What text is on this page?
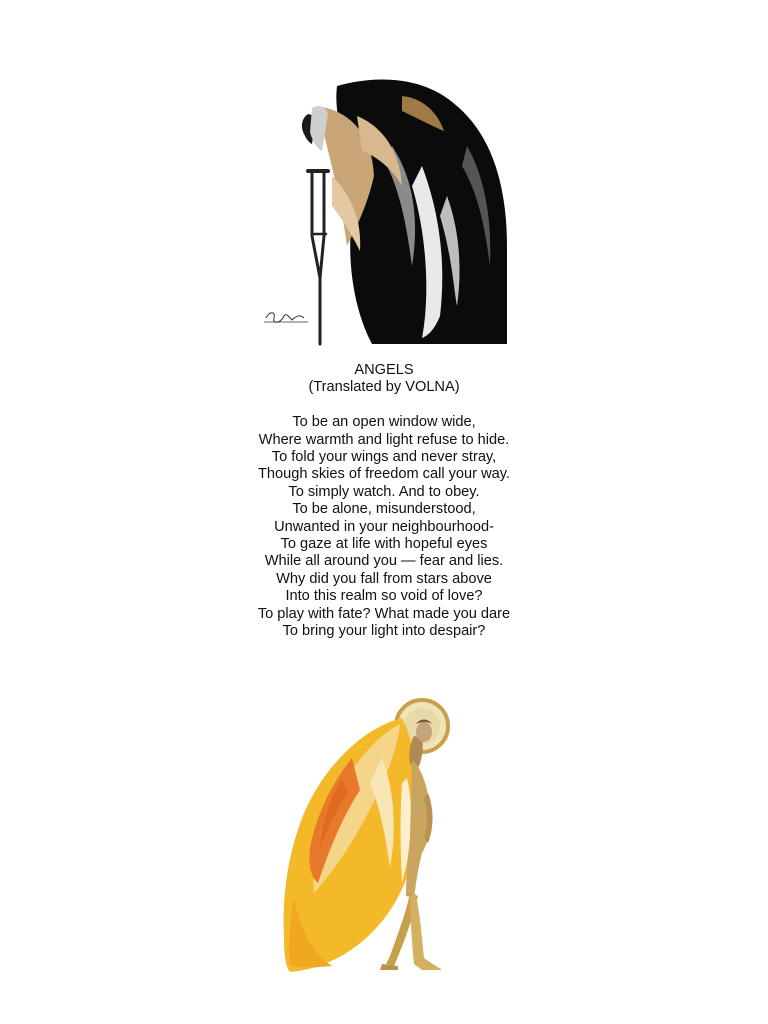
ANGELS
(Translated by VOLNA)
To be an open window wide,
Where warmth and light refuse to hide.
To fold your wings and never stray,
Though skies of freedom call your way.
To simply watch. And to obey.
To be alone, misunderstood,
Unwanted in your neighbourhood-
To gaze at life with hopeful eyes
While all around you — fear and lies.
Why did you fall from stars above
Into this realm so void of love?
To play with fate? What made you dare
To bring your light into despair?
